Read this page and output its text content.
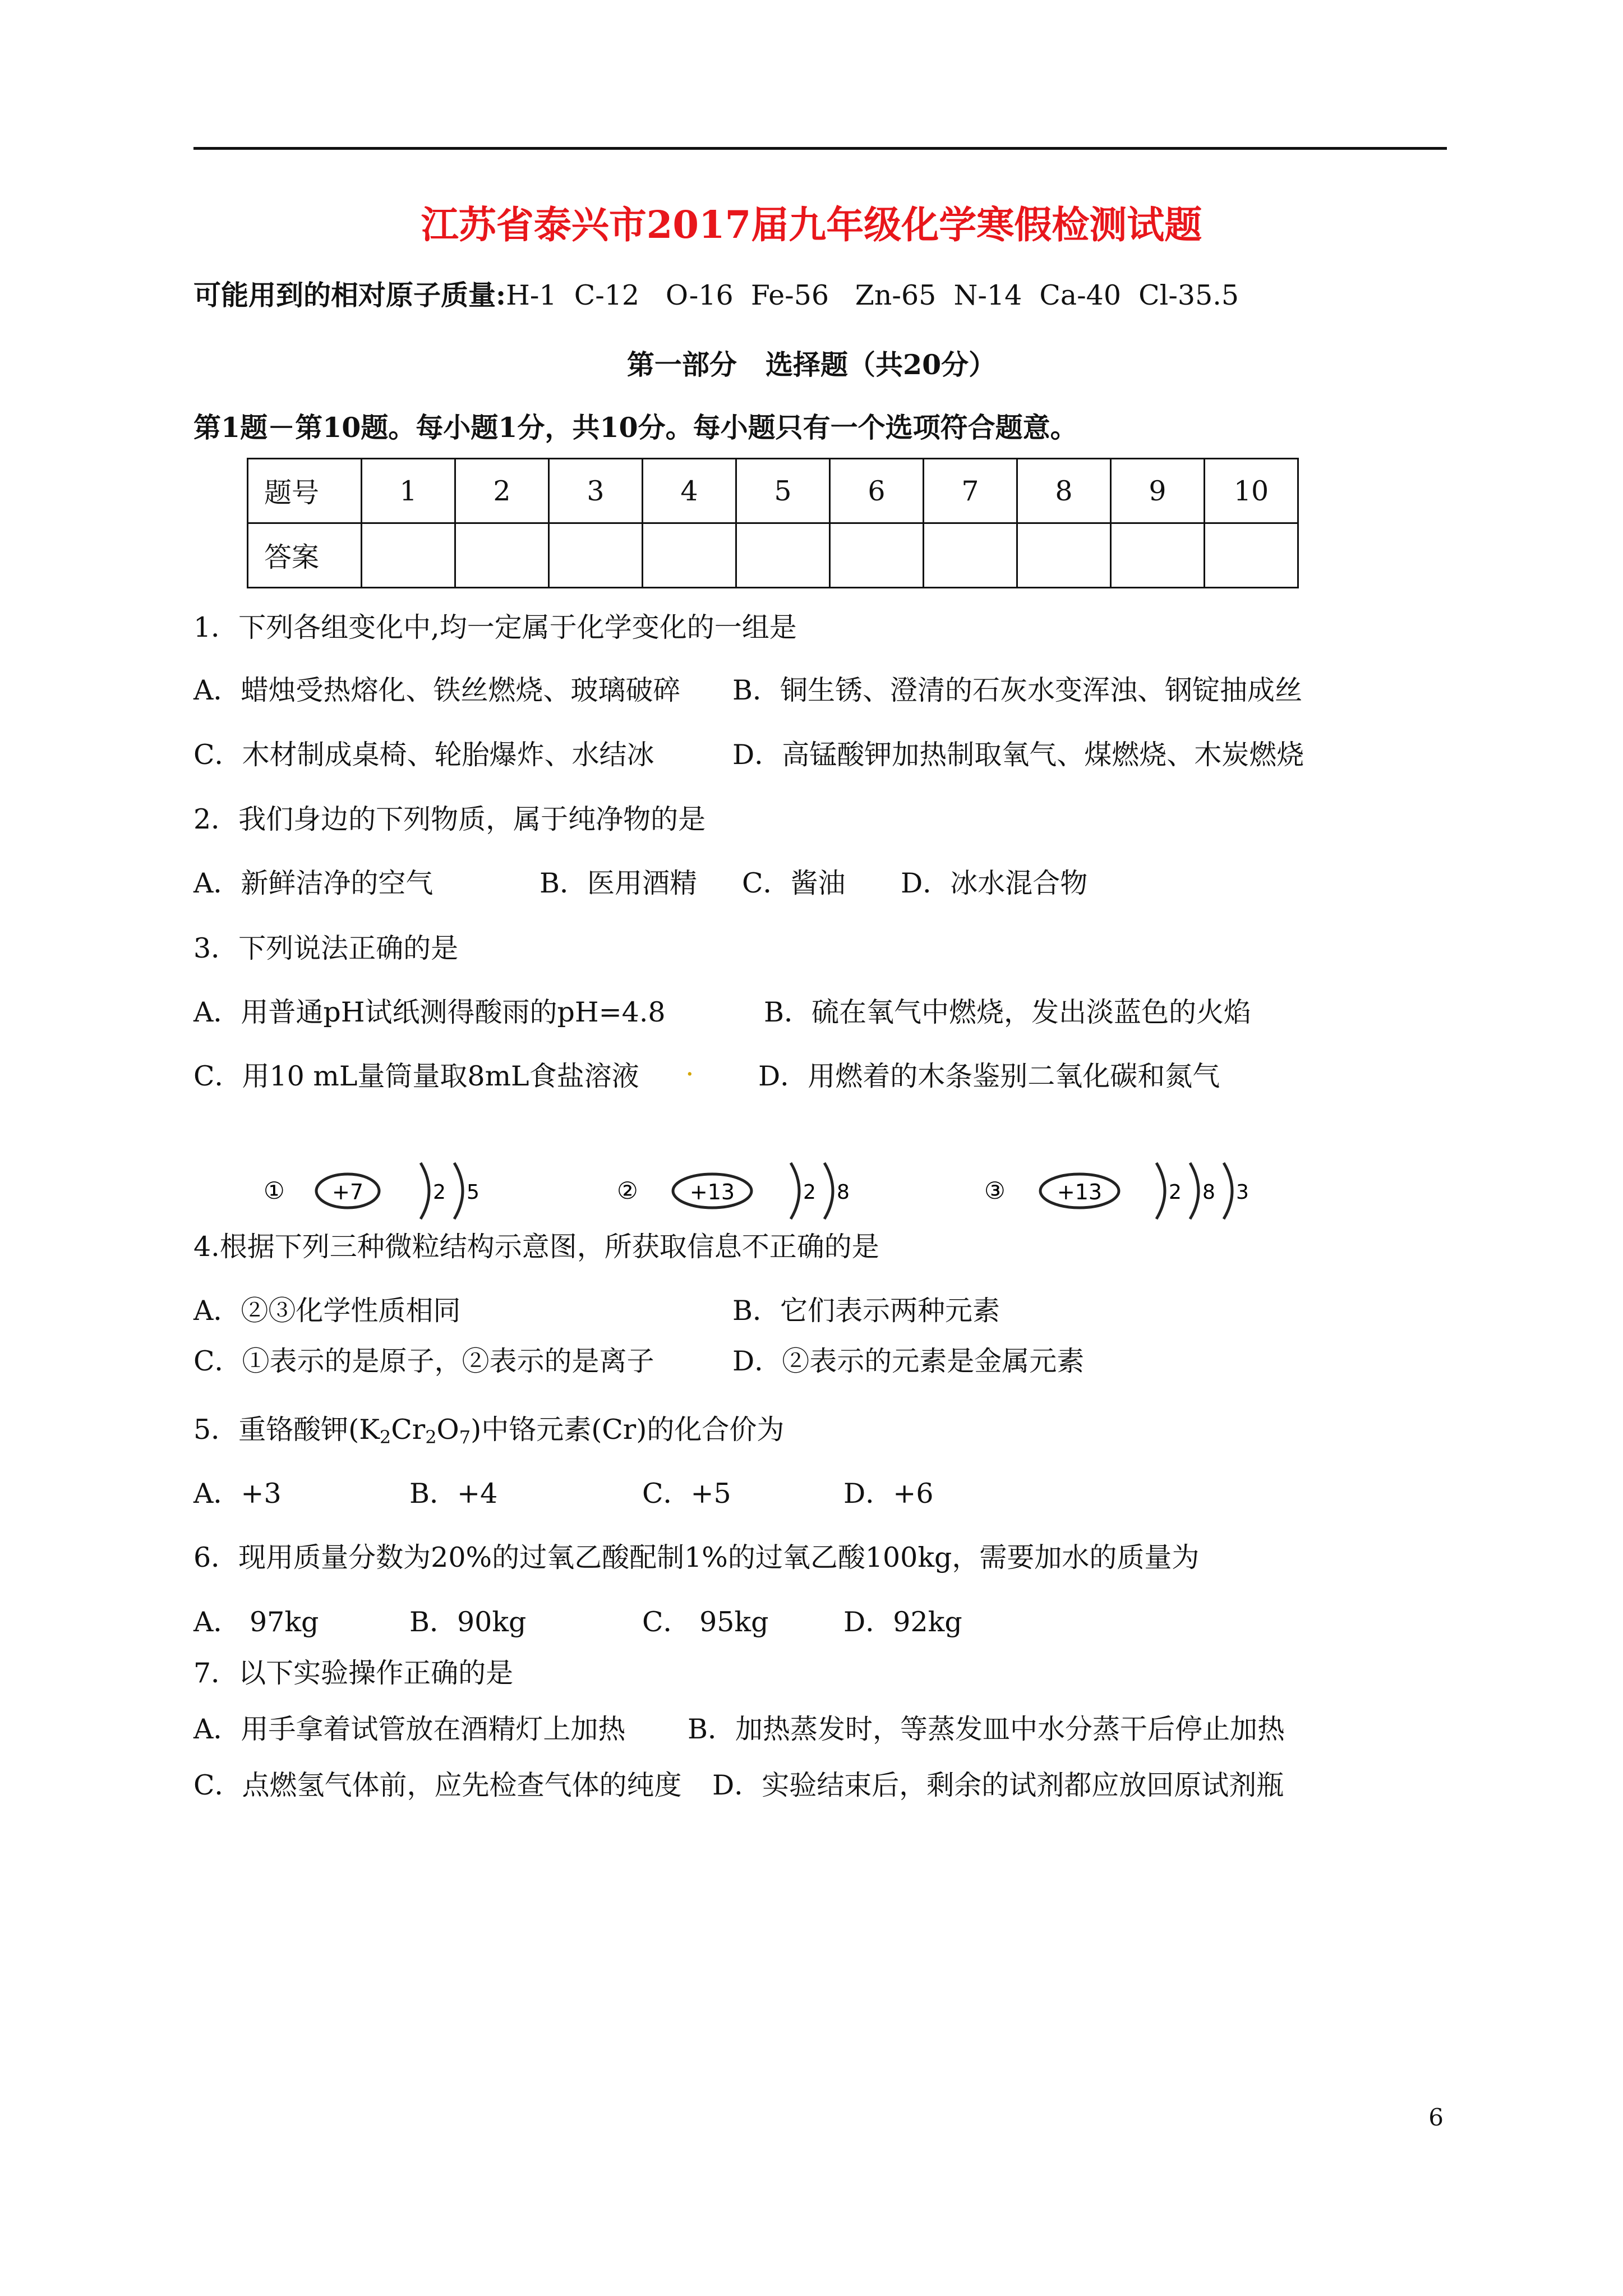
江苏省泰兴市2017届九年级化学寒假检测试题
可能用到的相对原子质量:H-1  C-12   O-16  Fe-56   Zn-65  N-14  Ca-40  Cl-35.5
第一部分   选择题（共20分）
第1题－第10题。每小题1分，共10分。每小题只有一个选项符合题意。
题号	1	2	3	4	5	6	7	8	9	10
答案										
1．下列各组变化中,均一定属于化学变化的一组是
A．蜡烛受热熔化、铁丝燃烧、玻璃破碎 B．铜生锈、澄清的石灰水变浑浊、钢锭抽成丝
C．木材制成桌椅、轮胎爆炸、水结冰	D．高锰酸钾加热制取氧气、煤燃烧、木炭燃烧
2．我们身边的下列物质，属于纯净物的是
A．新鲜洁净的空气	B．医用酒精 C．酱油 D．冰水混合物
3．下列说法正确的是
A．用普通pH试纸测得酸雨的pH=4.8	B．硫在氧气中燃烧，发出淡蓝色的火焰
C．用10 mL量筒量取8mL食盐溶液 . D．用燃着的木条鉴别二氧化碳和氮气
① +7	2 5	② +13	2 8	③ +13	2 8 3
4.根据下列三种微粒结构示意图，所获取信息不正确的是
A．②③化学性质相同	B．它们表示两种元素
C．①表示的是原子，②表示的是离子	D．②表示的元素是金属元素
5．重铬酸钾$(K_2Cr_2O_7)$中铬元素(Cr)的化合价为
A．+3	B．+4	C．+5	D．+6
6．现用质量分数为20%的过氧乙酸配制1%的过氧乙酸100kg，需要加水的质量为
A． 97kg	B．90kg	C． 95kg	D．92kg
7．以下实验操作正确的是
A．用手拿着试管放在酒精灯上加热 B．加热蒸发时，等蒸发皿中水分蒸干后停止加热
C．点燃氢气体前，应先检查气体的纯度 D．实验结束后，剩余的试剂都应放回原试剂瓶
6
